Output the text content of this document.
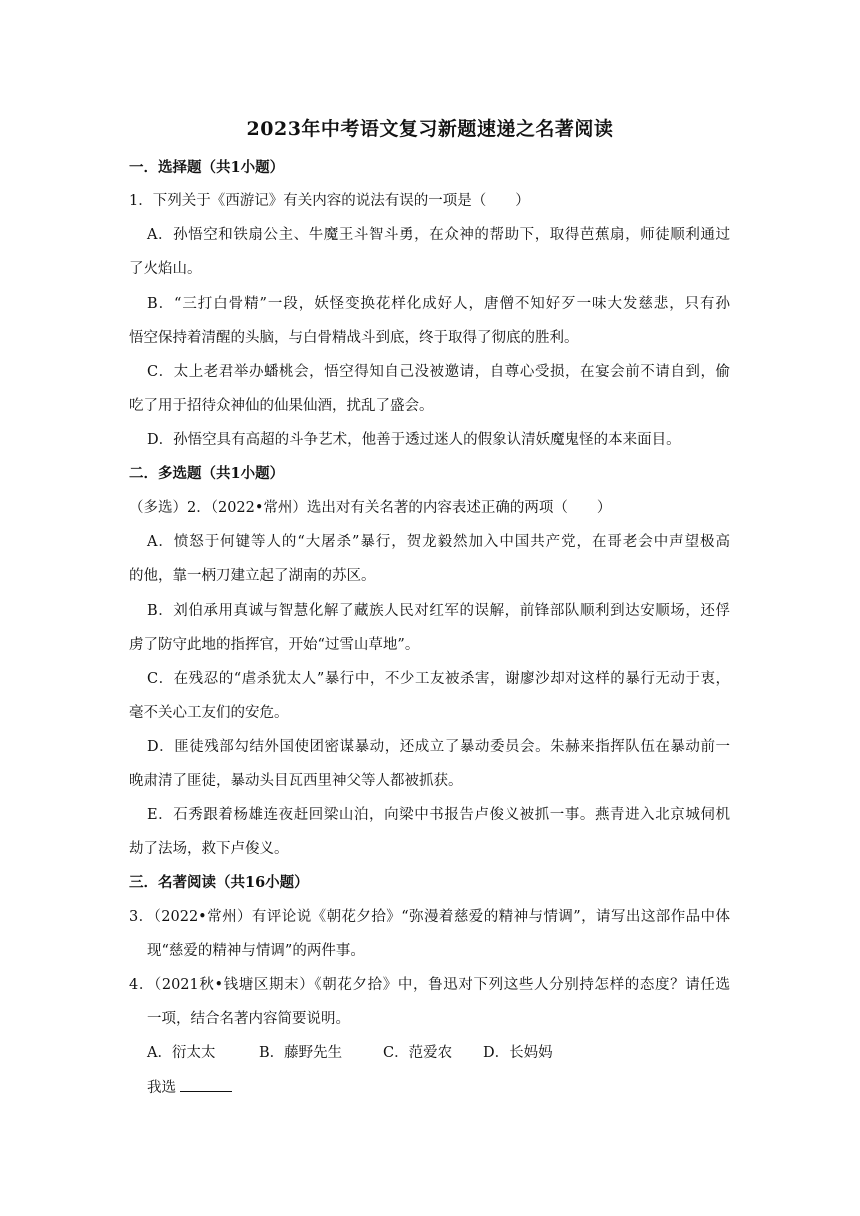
2023年中考语文复习新题速递之名著阅读
一．选择题（共1小题）
1．下列关于《西游记》有关内容的说法有误的一项是（　　）
A．孙悟空和铁扇公主、牛魔王斗智斗勇，在众神的帮助下，取得芭蕉扇，师徒顺利通过
了火焰山。
B．“三打白骨精”一段，妖怪变换花样化成好人，唐僧不知好歹一味大发慈悲，只有孙
悟空保持着清醒的头脑，与白骨精战斗到底，终于取得了彻底的胜利。
C．太上老君举办蟠桃会，悟空得知自己没被邀请，自尊心受损，在宴会前不请自到，偷
吃了用于招待众神仙的仙果仙酒，扰乱了盛会。
D．孙悟空具有高超的斗争艺术，他善于透过迷人的假象认清妖魔鬼怪的本来面目。
二．多选题（共1小题）
（多选）2．（2022•常州）选出对有关名著的内容表述正确的两项（　　）
A．愤怒于何键等人的“大屠杀”暴行，贺龙毅然加入中国共产党，在哥老会中声望极高
的他，靠一柄刀建立起了湖南的苏区。
B．刘伯承用真诚与智慧化解了藏族人民对红军的误解，前锋部队顺利到达安顺场，还俘
虏了防守此地的指挥官，开始“过雪山草地”。
C．在残忍的“虐杀犹太人”暴行中，不少工友被杀害，谢廖沙却对这样的暴行无动于衷，
毫不关心工友们的安危。
D．匪徒残部勾结外国使团密谋暴动，还成立了暴动委员会。朱赫来指挥队伍在暴动前一
晚肃清了匪徒，暴动头目瓦西里神父等人都被抓获。
E．石秀跟着杨雄连夜赶回梁山泊，向梁中书报告卢俊义被抓一事。燕青进入北京城伺机
劫了法场，救下卢俊义。
三．名著阅读（共16小题）
3．（2022•常州）有评论说《朝花夕拾》“弥漫着慈爱的精神与情调”，请写出这部作品中体
现“慈爱的精神与情调”的两件事。
4．（2021秋•钱塘区期末）《朝花夕拾》中，鲁迅对下列这些人分别持怎样的态度？请任选
一项，结合名著内容简要说明。
A．衍太太	B．藤野先生	C．范爱农 D．长妈妈
我选
